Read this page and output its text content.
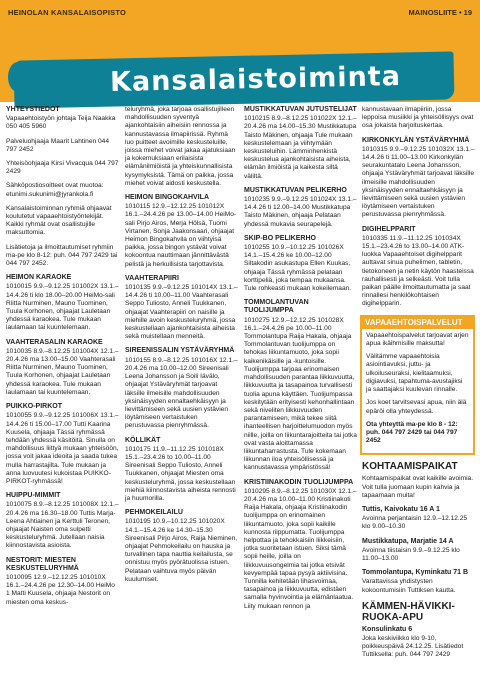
HEINOLAN KANSALAISOPISTO	MAINOSLIITE • 19
Kansalaistoiminta
YHTEYSTIEDOT
Vapaaehtoistyön johtaja Teija Naakka 050 405 5960
Palveluohjaaja Maarit Lahtinen 044 797 2452
Yhteisöohjaaja Kirsi Vivacqua 044 797 2429
Sähköpostiosoitteet ovat muotoa: etunimi.sukunimi@jyrankola.fi
Kansalaistoiminnan ryhmiä ohjaavat koulutetut vapaaehtoistyöntekijät. Kaikki ryhmät ovat osallistujille maksuttomia.
Lisätietoja ja ilmoittautumiset ryhmiin ma-pe klo 8-12: puh. 044 797 2429 tai 044 797 2452.
HEIMON KARAOKE
1010015 9.9.–9.12.25 101002X 13.1.–14.4.26 ti klo 18.00–20.00 HeiMo-sali Riitta Nurminen, Mauno Tuominen, Tuula Korhonen, ohjaajat Lauletaan yhdessä karaokea. Tule mukaan laulamaan tai kuuntelemaan.
VAAHTERASALIN KARAOKE
1010035 8.9.–8.12.25 101004X 12.1.–20.4.26 ma 13.00–15.00 Vaahterasali Riitta Nurminen, Mauno Tuominen, Tuula Korhonen, ohjaajat Lauletaan yhdessä karaokea. Tule mukaan laulamaan tai kuuntelemaan.
PUIKKO-PIRKOT
1010055 9.9.–9.12.25 101006X 13.1.–14.4.26 ti 15.00–17.00 Tutti Kaarina Kuusela, ohjaaja Tässä ryhmässä tehdään yhdessä käsitöitä. Sinulla on mahdollisuus liittyä mukaan yhteisöön, jossa voit jakaa ideoita ja saada tukea mulla harrastajilta. Tule mukaan ja anna luovuutesi kukoistaa PUIKKO-PIRKOT-ryhmässä!
HUIPPU-MIMMIT
1010075 8.9.–8.12.25 101008X 12.1.–20.4.26 ma 16.30–18.00 Tuttis Marja-Leena Ahtiainen ja Kerttuli Teronen, ohjaajat Naisten oma sulpetti keskusteluryhmä. Jutellaan naisia kiinnostavista asioista.
NESTORIT: MIESTEN KESKUSTELURYHMÄ
1010095 12.9.–12.12.25 101010X 16.1.–24.4.26 pe 12.30–14.00 HeiMo 1 Matti Kuusela, ohjaaja Nestorit on miesten oma keskus-
teluryhmä, joka tarjoaa osallistujilleen mahdollisuuden syventyä ajankohtaisiin aiheisiin rennossa ja kannustavassa ilmapiirissä. Ryhmä luo puitteet avoimille keskusteluille, joissa miehet voivat jakaa ajatuksiaan ja kokemuksiaan erilaisista elämänilmiöistä ja yhteiskunnallisista kysymyksistä. Tämä on paikka, jossa miehet voivat aidosti keskustella.
HEIMON BINGOKAHVILA
1010115 12.9.–12.12.25 101012X 16.1.–24.4.26 pe 13.00–14.00 HeiMo-sali Pirjo Airos, Merja Hölsä, Tuomi Virtanen, Sonja Jaakonsaari, ohjaajat Heimon Bingokahvila on viihtyisä paikka, jossa bingon ystävät voivat kokoontua nauttimaan jännittävästä pelistä ja herkullisista tarjottavista.
VAAHTERAPIIRI
1010135 9.9.–9.12.25 101014X 13.1.–14.4.26 ti 10.00–11.00 Vaahterasali Seppo Tuliosto, Anneli Tuukkanen, ohjaajat Vaahterapiiri on naisille ja miehille avoin keskusteluryhmä, jossa keskustellaan ajankohtaisista aiheista sekä muistellaan menneitä.
SIREENISSALIN YSTÄVÄRYHMÄ
1010155 8.9.–8.12.25 101016X 12.1.–20.4.26 ma 10.00–12.00 Sireenisali Leena Johansson ja Soili Iävälo, ohjaajat Ystäväryhmät tarjoavat läksille ilmeisille mahdollisuuden yksinäisyyden ennaltaehkäisyyn ja lievittämiseen sekä uusien ystävien löytämiseen vertaistuken perustuvassa pienryhmässä.
KÖLLIKÄT
1010175 11.9.–11.12.25 101018X 15.1.–23.4.26 to 10.00–11.00 Sireenisali Seppo Tuliosto, Anneli Tuukkanen, ohjaajat Miesten oma keskusteluryhmä, jossa keskustellaan miehiä kiinnostavista aiheista rennosti ja huumorilla.
PEHMOKEILAILU
1010195 10.9.–10.12.25 101020X 14.1.–15.4.26 ke 14.30–15.30 Sireenisali Pirjo Airos, Raija Nieminen, ohjaajat Pehmokeilailu on hauska ja turvallinen tapa nauttia keilailusta, se onnistuu myös pyörätuolissa istuen. Pelataan vaihtuva myös päivän kuulumiset.
MUSTIKKATUVAN JUTUSTELIJAT
1010215 8.9.–8.12.25 101022X 12.1.–20.4.26 ma 14.00–15.30 Mustikkatupa Taisto Mäkinen, ohjaaja Tule mukaan keskustelemaan ja viihtymään keskusteluihin. Lämminhenkistä keskustelua ajankohtaisista aiheista, elämän ilmiöistä ja kaikesta siltä väliltä.
MUSTIKKATUVAN PELIKERHO
1010235 9.9.–9.12.25 101024X 13.1.–14.4.26 ti 12.00–14.00 Mustikkatupa Taisto Mäkinen, ohjaaja Pelataan yhdessä mukavia seurapelejä.
SKIP-BO PELIKERHO
1010255 10.9.–10.12.25 101026X 14.1.–15.4.26 ke 10.00–12.00 Siltakodin asukastupa Ellen Kuukas, ohjaaja Tässä ryhmässä pelataan korttipeliä, joka tempaa mukaansa. Tule rohkeasti mukaan kokeilemaan.
TOMMOLANTUVAN TUOLIJUMPPA
1010275 12.9.–12.12.25 101028X 16.1.–24.4.26 pe 10.00–11.00 Tommolantupa Raija Hakala, ohjaaja Tommolantuvan tuolijumppa on tehokas liikuntamuoto, joka sopii kaikenikäisille ja -kuntoisille. Tuolijumppa tarjoaa erinomaisen mahdollisuuden parantaa liikkuvuutta, liikkuvuutta ja tasapainoa turvallisesti tuolia apuna käyttäen. Tuolijumpassa keskitytään erityisesti kehonhallintaan sekä niveliten liikkuvuuden parantamiseen, mikä tekee siitä ihanteellisen harjoittelumuodon myös niille, joilla on liikuntarajoitteita tai jotka ovat vasta aloittamassa liikuntaharrastusta. Tule kokemaan liikunnan iloa yhteisöllisessä ja kannustavassa ympäristössä!
KRISTIINAKODIN TUOLIJUMPPA
1010295 8.9.–8.12.25 101030X 12.1.–20.4.26 ma 10.00–11.00 Kristiinakoti Raija Hakala, ohjaaja Kristiinakodin tuolijumppa on erinomainen liikuntamuoto, joka sopii kaikille kunnosta riippumatta. Tuolijumppa helpottaa ja tehokkaisiin liikkeisiin, jotka suoritetaan istuen. Siksi tämä sopii heille, joilla on liikkuvuusongelmia tai jotka etsivät kevyempää tapaa pysyä aktiivisina. Tunnilla kehitetään lihasvoimaa, tasapainoa ja liikkuvuutta, edistäen samalla hyvinvointia ja elämänlaatua. Liity mukaan rennon ja
kannustavaan ilmapiiriin, jossa leppoisa musiikki ja yhteisöllisyys ovat osa jokaista harjoituskertaa.
KIRKONKYLÄN YSTÄVÄRYHMÄ
1010315 9.9.–9.12.25 101032X 13.1.–14.4.26 ti 11.00–13.00 Kirkonkylän seurakuntatalo Leena Johansson, ohjaaja Ystäväryhmät tarjoavat läksille ilmeisille mahdollisuuden yksinäisyyden ennaltaehkäisyyn ja lievittämiseen sekä uusien ystävien löytämiseen vertaistuken perustuvassa pienryhmässä.
DIGIHELPPARIT
1010335 11.9.–11.12.25 101034X 15.1.–23.4.26 to 13.00–14.00 ATK-luokka Vapaaehtoiset digihelpparit auttavat sinua puhelimen, tabletin, tietokoneen ja netin käytön haasteissa rauhallisesti ja selkeästi. Voit tulla paikan päälle ilmoittautumatta ja saat rinnallesi henkilökohtaisen digihelpparin.
VAPAAEHTOISPALVELUT

Vapaaehtoispalvelut tarjoavat arjen apua ikäihmisille maksutta!

Välitämme vapaaehtoisia asiointiavuksi, juttu- ja ulkoiluseuraksi, kielitaamuksi, digiavuksi, tapahtuma-avustajiksi ja saattajaksi kuulevan rinnalle.

Jos koet tarvitsevasi apua, niin älä epäröi olla yhteydessä.

Ota yhteyttä ma-pe klo 8 - 12: puh. 044 797 2429 tai 044 797 2452

KOHTAAMISPAIKAT
Kohtaamispaikat ovat kaikille avoimia. Voit tulla juomaan kupin kahvia ja tapaamaan muita!
Tuttis, Kaivokatu 16 A 1
Avoinna perjantaisin 12.9.–12.12.25 klo 9.00–10.30
Mustikkatupa, Marjatie 14 A
Avoinna tiistaisin 9.9.–9.12.25 klo 11.00–13.00
Tommolantupa, Kyminkatu 71 B
Varattavissa yhdistysten kokoontumisiin Tuttiksen kautta.
KÄMMEN-HÄVIKKI-RUOKA-APU
Konsulinkatu 6
Joka keskiviikko klo 9-10, poikkeuspäivä 24.12.25. Lisätiedot Tuttiksella: puh. 044 797 2429
